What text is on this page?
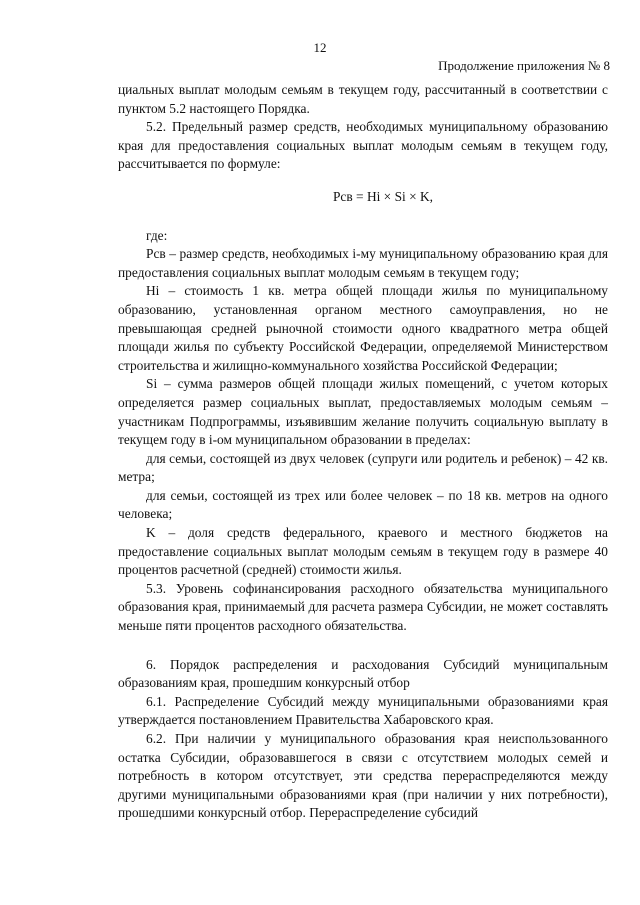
12
Продолжение приложения № 8

циальных выплат молодым семьям в текущем году, рассчитанный в соответствии с пунктом 5.2 настоящего Порядка.

5.2. Предельный размер средств, необходимых муниципальному образованию края для предоставления социальных выплат молодым семьям в текущем году, рассчитывается по формуле:

Pсв = Hi × Si × K,

где:

Pсв – размер средств, необходимых i-му муниципальному образованию края для предоставления социальных выплат молодым семьям в текущем году;

Hi – стоимость 1 кв. метра общей площади жилья по муниципальному образованию, установленная органом местного самоуправления, но не превышающая средней рыночной стоимости одного квадратного метра общей площади жилья по субъекту Российской Федерации, определяемой Министерством строительства и жилищно-коммунального хозяйства Российской Федерации;

Si – сумма размеров общей площади жилых помещений, с учетом которых определяется размер социальных выплат, предоставляемых молодым семьям – участникам Подпрограммы, изъявившим желание получить социальную выплату в текущем году в i-ом муниципальном образовании в пределах:

для семьи, состоящей из двух человек (супруги или родитель и ребенок) – 42 кв. метра;

для семьи, состоящей из трех или более человек – по 18 кв. метров на одного человека;

K – доля средств федерального, краевого и местного бюджетов на предоставление социальных выплат молодым семьям в текущем году в размере 40 процентов расчетной (средней) стоимости жилья.

5.3. Уровень софинансирования расходного обязательства муниципального образования края, принимаемый для расчета размера Субсидии, не может составлять меньше пяти процентов расходного обязательства.

6. Порядок распределения и расходования Субсидий муниципальным образованиям края, прошедшим конкурсный отбор

6.1. Распределение Субсидий между муниципальными образованиями края утверждается постановлением Правительства Хабаровского края.

6.2. При наличии у муниципального образования края неиспользованного остатка Субсидии, образовавшегося в связи с отсутствием молодых семей и потребность в котором отсутствует, эти средства перераспределяются между другими муниципальными образованиями края (при наличии у них потребности), прошедшими конкурсный отбор. Перераспределение субсидий
